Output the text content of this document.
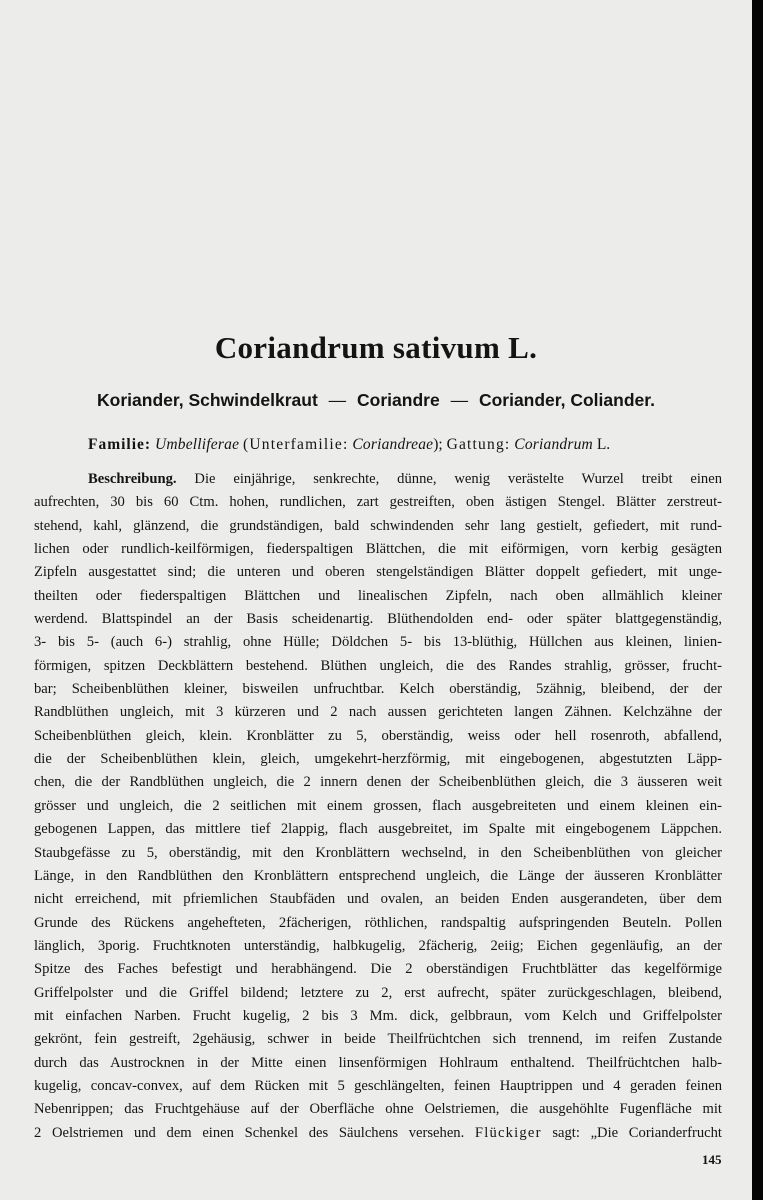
Coriandrum sativum L.
Koriander, Schwindelkraut — Coriandre — Coriander, Coliander.
Familie: Umbelliferae (Unterfamilie: Coriandreae); Gattung: Coriandrum L.
Beschreibung. Die einjährige, senkrechte, dünne, wenig verästelte Wurzel treibt einen
aufrechten, 30 bis 60 Ctm. hohen, rundlichen, zart gestreiften, oben ästigen Stengel. Blätter zerstreut-
stehend, kahl, glänzend, die grundständigen, bald schwindenden sehr lang gestielt, gefiedert, mit rund-
lichen oder rundlich-keilförmigen, fiederspaltigen Blättchen, die mit eiförmigen, vorn kerbig gesägten
Zipfeln ausgestattet sind; die unteren und oberen stengelständigen Blätter doppelt gefiedert, mit unge-
theilten oder fiederspaltigen Blättchen und linealischen Zipfeln, nach oben allmählich kleiner
werdend. Blattspindel an der Basis scheidenartig. Blüthendolden end- oder später blattgegenständig,
3- bis 5- (auch 6-) strahlig, ohne Hülle; Döldchen 5- bis 13-blüthig, Hüllchen aus kleinen, linien-
förmigen, spitzen Deckblättern bestehend. Blüthen ungleich, die des Randes strahlig, grösser, frucht-
bar; Scheibenblüthen kleiner, bisweilen unfruchtbar. Kelch oberständig, 5zähnig, bleibend, der der
Randblüthen ungleich, mit 3 kürzeren und 2 nach aussen gerichteten langen Zähnen. Kelchzähne der
Scheibenblüthen gleich, klein. Kronblätter zu 5, oberständig, weiss oder hell rosenroth, abfallend,
die der Scheibenblüthen klein, gleich, umgekehrt-herzförmig, mit eingebogenen, abgestutzten Läpp-
chen, die der Randblüthen ungleich, die 2 innern denen der Scheibenblüthen gleich, die 3 äusseren weit
grösser und ungleich, die 2 seitlichen mit einem grossen, flach ausgebreiteten und einem kleinen ein-
gebogenen Lappen, das mittlere tief 2lappig, flach ausgebreitet, im Spalte mit eingebogenem Läppchen.
Staubgefässe zu 5, oberständig, mit den Kronblättern wechselnd, in den Scheibenblüthen von gleicher
Länge, in den Randblüthen den Kronblättern entsprechend ungleich, die Länge der äusseren Kronblätter
nicht erreichend, mit pfriemlichen Staubfäden und ovalen, an beiden Enden ausgerandeten, über dem
Grunde des Rückens angehefteten, 2fächerigen, röthlichen, randspaltig aufspringenden Beuteln. Pollen
länglich, 3porig. Fruchtknoten unterständig, halbkugelig, 2fächerig, 2eiig; Eichen gegenläufig, an der
Spitze des Faches befestigt und herabhängend. Die 2 oberständigen Fruchtblätter das kegelförmige
Griffelpolster und die Griffel bildend; letztere zu 2, erst aufrecht, später zurückgeschlagen, bleibend,
mit einfachen Narben. Frucht kugelig, 2 bis 3 Mm. dick, gelbbraun, vom Kelch und Griffelpolster
gekrönt, fein gestreift, 2gehäusig, schwer in beide Theilfrüchtchen sich trennend, im reifen Zustande
durch das Austrocknen in der Mitte einen linsenförmigen Hohlraum enthaltend. Theilfrüchtchen halb-
kugelig, concav-convex, auf dem Rücken mit 5 geschlängelten, feinen Hauptrippen und 4 geraden feinen
Nebenrippen; das Fruchtgehäuse auf der Oberfläche ohne Oelstriemen, die ausgehöhlte Fugenfläche mit
2 Oelstriemen und dem einen Schenkel des Säulchens versehen. Flückiger sagt: „Die Corianderfrucht
145
